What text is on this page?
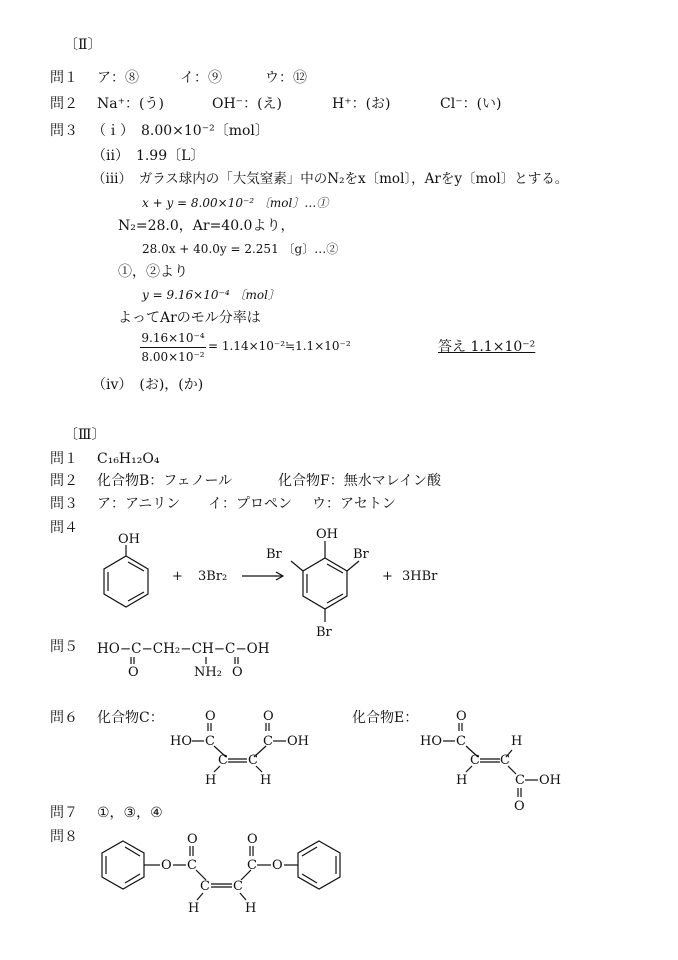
〔Ⅱ〕
問１ ア：⑧	イ：⑨	ウ：⑫
問２ Na⁺：(う)	OH⁻：(え)	H⁺：(お)	Cl⁻：(い)
問３ （ｉ）　8.00×10⁻²〔mol〕
（ii）　1.99〔L〕
（iii）　ガラス球内の「大気窒素」中のN₂をx〔mol〕，Arをy〔mol〕とする。
x + y = 8.00×10⁻² 〔mol〕…①
N₂=28.0，Ar=40.0より，
28.0x + 40.0y = 2.251 〔g〕…②
①，②より
y = 9.16×10⁻⁴ 〔mol〕
よってArのモル分率は
9.16×10⁻⁴
8.00×10⁻²
= 1.14×10⁻²≒1.1×10⁻²	答え 1.1×10⁻²
（iv）　(お)，(か)
〔Ⅲ〕
問１ C₁₆H₁₂O₄
問２ 化合物B：フェノール	化合物F：無水マレイン酸
問３ ア：アニリン イ：プロペン ウ：アセトン
問４
OH
+ 3Br₂
OH
Br	Br
Br
+ 3HBr
問５ HO−C−CH₂−CH−C−OH
O	NH₂ O
問６ 化合物C：	化合物E：
O
HO C
C C
C
O
OH
H	H
O
HO C
C C
H
H	C OH
O
問７ ①，③，④
問８
O C
O
C C
C
O
O
H	H
